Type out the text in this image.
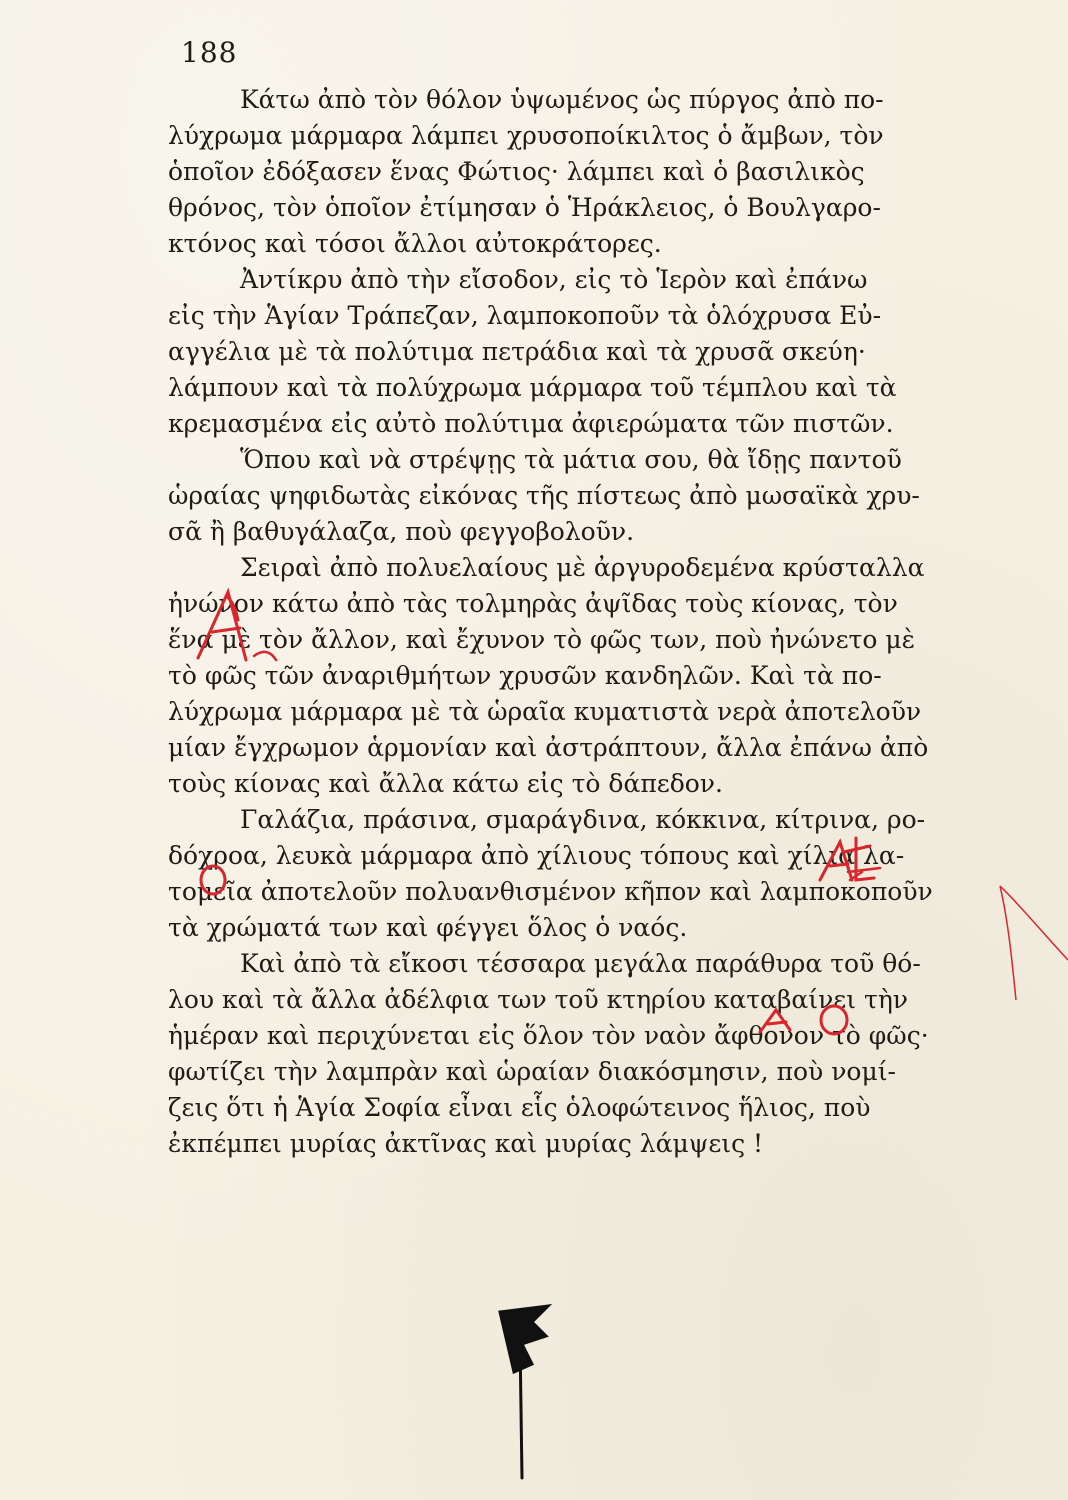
188
Κάτω ἀπὸ τὸν θόλον ὑψωμένος ὡς πύργος ἀπὸ πο-
λύχρωμα μάρμαρα λάμπει χρυσοποίκιλτος ὁ ἄμβων, τὸν
ὁποῖον ἐδόξασεν ἕνας Φώτιος· λάμπει καὶ ὁ βασιλικὸς
θρόνος, τὸν ὁποῖον ἐτίμησαν ὁ Ἡράκλειος, ὁ Βουλγαρο-
κτόνος καὶ τόσοι ἄλλοι αὐτοκράτορες.
Ἀντίκρυ ἀπὸ τὴν εἴσοδον, εἰς τὸ Ἱερὸν καὶ ἐπάνω
εἰς τὴν Ἁγίαν Τράπεζαν, λαμποκοποῦν τὰ ὁλόχρυσα Εὐ-
αγγέλια μὲ τὰ πολύτιμα πετράδια καὶ τὰ χρυσᾶ σκεύη·
λάμπουν καὶ τὰ πολύχρωμα μάρμαρα τοῦ τέμπλου καὶ τὰ
κρεμασμένα εἰς αὐτὸ πολύτιμα ἀφιερώματα τῶν πιστῶν.
Ὅπου καὶ νὰ στρέψῃς τὰ μάτια σου, θὰ ἴδῃς παντοῦ
ὡραίας ψηφιδωτὰς εἰκόνας τῆς πίστεως ἀπὸ μωσαϊκὰ χρυ-
σᾶ ἢ βαθυγάλαζα, ποὺ φεγγοβολοῦν.
Σειραὶ ἀπὸ πολυελαίους μὲ ἀργυροδεμένα κρύσταλλα
ἠνώνον κάτω ἀπὸ τὰς τολμηρὰς ἀψῖδας τοὺς κίονας, τὸν
ἕνα μὲ τὸν ἄλλον, καὶ ἔχυνον τὸ φῶς των, ποὺ ἠνώνετο μὲ
τὸ φῶς τῶν ἀναριθμήτων χρυσῶν κανδηλῶν. Καὶ τὰ πο-
λύχρωμα μάρμαρα μὲ τὰ ὡραῖα κυματιστὰ νερὰ ἀποτελοῦν
μίαν ἔγχρωμον ἁρμονίαν καὶ ἀστράπτουν, ἄλλα ἐπάνω ἀπὸ
τοὺς κίονας καὶ ἄλλα κάτω εἰς τὸ δάπεδον.
Γαλάζια, πράσινα, σμαράγδινα, κόκκινα, κίτρινα, ρο-
δόχροα, λευκὰ μάρμαρα ἀπὸ χίλιους τόπους καὶ χίλια λα-
τομεῖα ἀποτελοῦν πολυανθισμένον κῆπον καὶ λαμποκοποῦν
τὰ χρώματά των καὶ φέγγει ὅλος ὁ ναός.
Καὶ ἀπὸ τὰ εἴκοσι τέσσαρα μεγάλα παράθυρα τοῦ θό-
λου καὶ τὰ ἄλλα ἀδέλφια των τοῦ κτηρίου καταβαίνει τὴν
ἡμέραν καὶ περιχύνεται εἰς ὅλον τὸν ναὸν ἄφθονον τὸ φῶς·
φωτίζει τὴν λαμπρὰν καὶ ὡραίαν διακόσμησιν, ποὺ νομί-
ζεις ὅτι ἡ Ἁγία Σοφία εἶναι εἷς ὁλοφώτεινος ἥλιος, ποὺ
ἐκπέμπει μυρίας ἀκτῖνας καὶ μυρίας λάμψεις !
